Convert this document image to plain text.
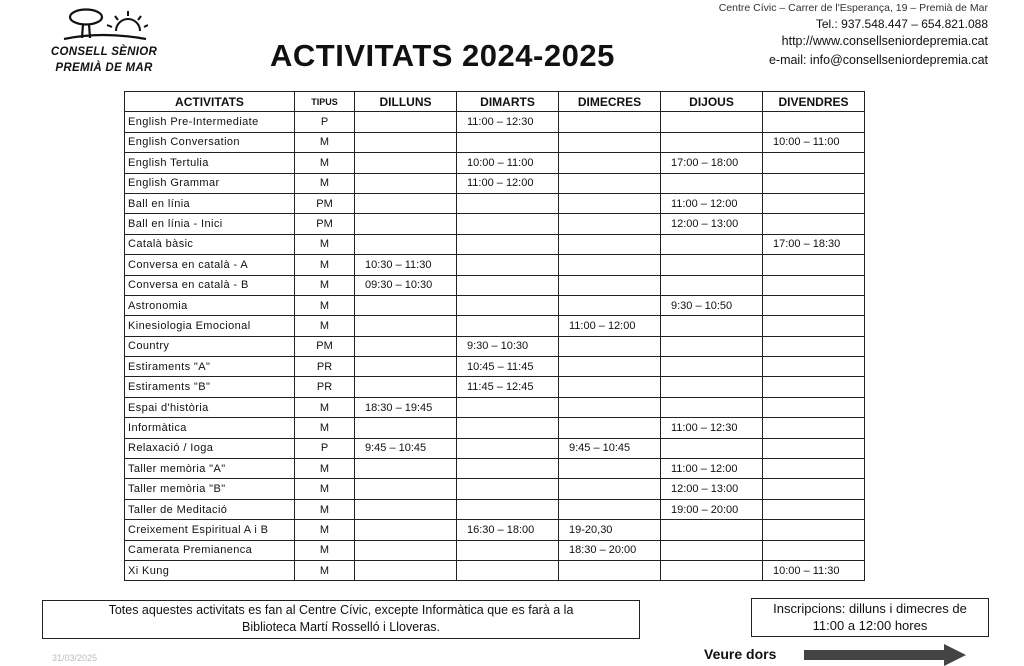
CONSELL SÈNIOR
PREMIÀ DE MAR	ACTIVITATS 2024-2025
Centre Cívic – Carrer de l'Esperança, 19 – Premià de Mar
Tel.: 937.548.447 – 654.821.088
http://www.consellseniordepremia.cat
e-mail: info@consellseniordepremia.cat
ACTIVITATS	TIPUS	DILLUNS	DIMARTS	DIMECRES	DIJOUS	DIVENDRES
English Pre-Intermediate	P		11:00 – 12:30			
English Conversation	M					10:00 – 11:00
English Tertulia	M		10:00 – 11:00		17:00 – 18:00	
English Grammar	M		11:00 – 12:00			
Ball en línia	PM				11:00 – 12:00	
Ball en línia - Inici	PM				12:00 – 13:00	
Català bàsic	M					17:00 – 18:30
Conversa en català - A	M	10:30 – 11:30				
Conversa en català - B	M	09:30 – 10:30				
Astronomia	M				9:30 – 10:50	
Kinesiologia Emocional	M			11:00 – 12:00		
Country	PM		9:30 – 10:30			
Estiraments "A"	PR		10:45 – 11:45			
Estiraments "B"	PR		11:45 – 12:45			
Espai d'història	M	18:30 – 19:45				
Informàtica	M				11:00 – 12:30	
Relaxació / Ioga	P	9:45 – 10:45		9:45 – 10:45		
Taller memòria "A"	M				11:00 – 12:00	
Taller memòria "B"	M				12:00 – 13:00	
Taller de Meditació	M				19:00 – 20:00	
Creixement Espiritual A i B	M		16:30 – 18:00	19-20,30		
Camerata Premianenca	M			18:30 – 20:00		
Xi Kung	M					10:00 – 11:30
Totes aquestes activitats es fan al Centre Cívic, excepte Informàtica que es farà a la
Biblioteca Martí Rosselló i Lloveras.
Inscripcions: dilluns i dimecres de
11:00 a 12:00 hores
31/03/2025	Veure dors
